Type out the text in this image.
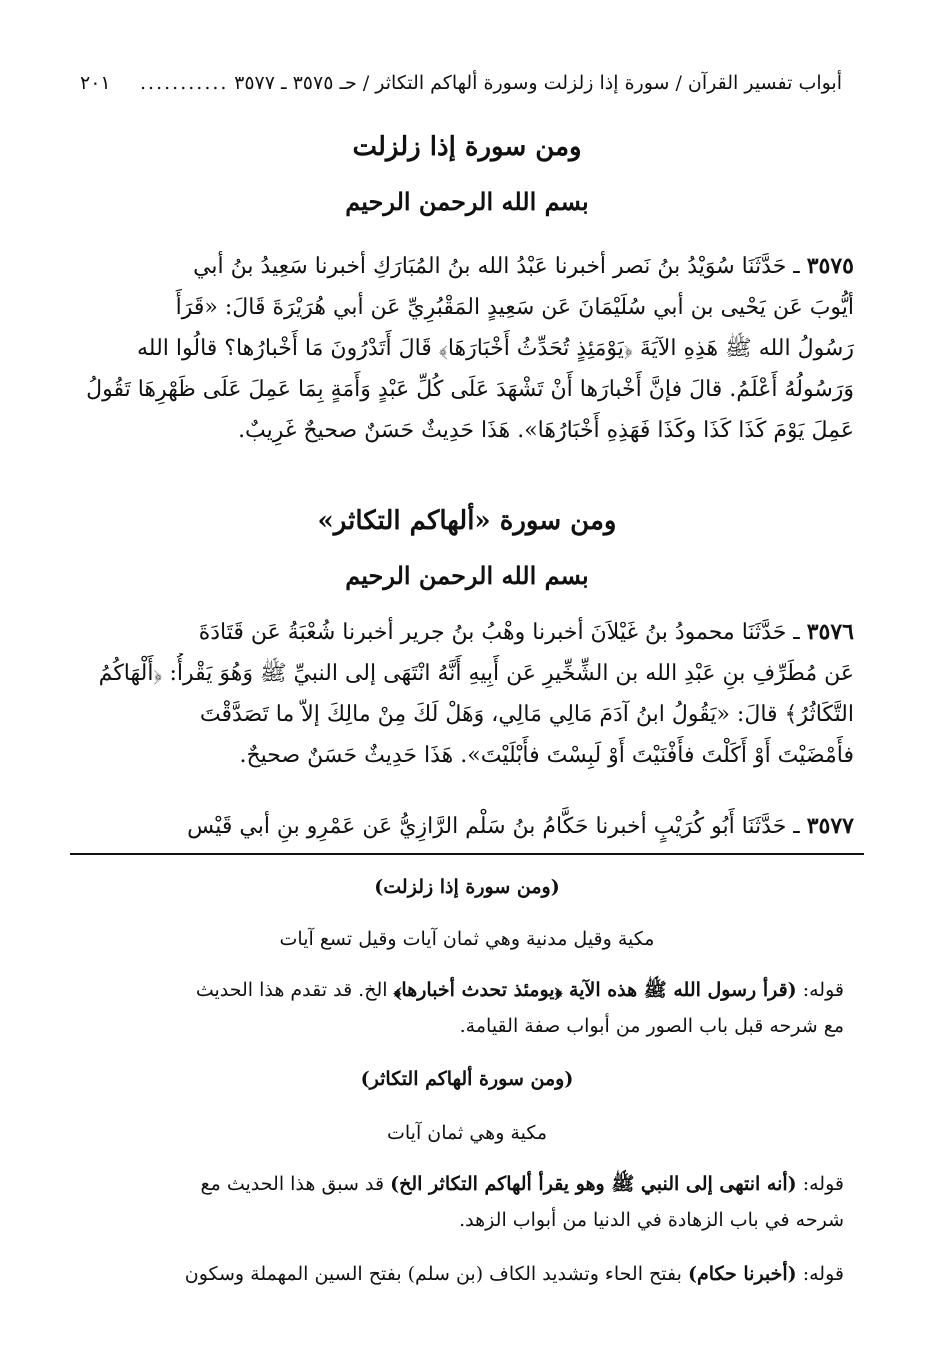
أبواب تفسير القرآن / سورة إذا زلزلت وسورة ألهاكم التكاثر / حـ ٣٥٧٥ ـ ٣٥٧٧
...........
٢٠١
ومن سورة إذا زلزلت
بسم الله الرحمن الرحيم
٣٥٧٥ ـ حَدَّثَنَا سُوَيْدُ بنُ نَصر أخبرنا عَبْدُ الله بنُ المُبَارَكِ أخبرنا سَعِيدُ بنُ أبي
أيُّوبَ عَن يَحْيى بن أبي سُلَيْمَانَ عَن سَعِيدٍ المَقْبُرِيِّ عَن أبي هُرَيْرَةَ قَالَ: «قَرَأَ
رَسُولُ الله ﷺ هَذِهِ الآيَةَ ﴿يَوْمَئِذٍ تُحَدِّثُ أَخْبَارَهَا﴾ قَالَ أَتَدْرُونَ مَا أَخْبارُها؟ قالُوا الله
وَرَسُولُهُ أَعْلَمُ. قالَ فإنَّ أَخْبارَها أَنْ تَشْهَدَ عَلَى كُلِّ عَبْدٍ وَأَمَةٍ بِمَا عَمِلَ عَلَى ظَهْرِهَا تَقُولُ
عَمِلَ يَوْمَ كَذَا كَذَا وكَذَا فَهَذِهِ أَخْبَارُهَا». هَذَا حَدِيثٌ حَسَنٌ صحيحٌ غَرِيبٌ.
ومن سورة «ألهاكم التكاثر»
بسم الله الرحمن الرحيم
٣٥٧٦ ـ حَدَّثَنَا محمودُ بنُ غَيْلاَنَ أخبرنا وهْبُ بنُ جرير أخبرنا شُعْبَةُ عَن قَتَادَةَ
عَن مُطَرِّفِ بنِ عَبْدِ الله بن الشِّخِّيرِ عَن أَبِيهِ أَنَّهُ انْتَهَى إلى النبيِّ ﷺ وَهُوَ يَقْرأُ: ﴿أَلْهَاكُمُ
التَّكَاثُرُ﴾ قالَ: «يَقُولُ ابنُ آدَمَ مَالِي مَالِي، وَهَلْ لَكَ مِنْ مالِكَ إلاّ ما تَصَدَّقْتَ
فأَمْضَيْتَ أَوْ أَكَلْتَ فأَفْنَيْتَ أَوْ لَبِسْتَ فأَبْلَيْتَ». هَذَا حَدِيثٌ حَسَنٌ صحيحٌ.
٣٥٧٧ ـ حَدَّثَنَا أَبُو كُرَيْبٍ أخبرنا حَكَّامُ بنُ سَلْم الرَّازِيُّ عَن عَمْرِو بنِ أبي قَيْس
(ومن سورة إذا زلزلت)
مكية وقيل مدنية وهي ثمان آيات وقيل تسع آيات
قوله: (قرأ رسول الله ﷺ هذه الآية ﴿يومئذ تحدث أخبارها﴾ الخ. قد تقدم هذا الحديث
مع شرحه قبل باب الصور من أبواب صفة القيامة.
(ومن سورة ألهاكم التكاثر)
مكية وهي ثمان آيات
قوله: (أنه انتهى إلى النبي ﷺ وهو يقرأ ألهاكم التكاثر الخ) قد سبق هذا الحديث مع
شرحه في باب الزهادة في الدنيا من أبواب الزهد.
قوله: (أخبرنا حكام) بفتح الحاء وتشديد الكاف (بن سلم) بفتح السين المهملة وسكون
